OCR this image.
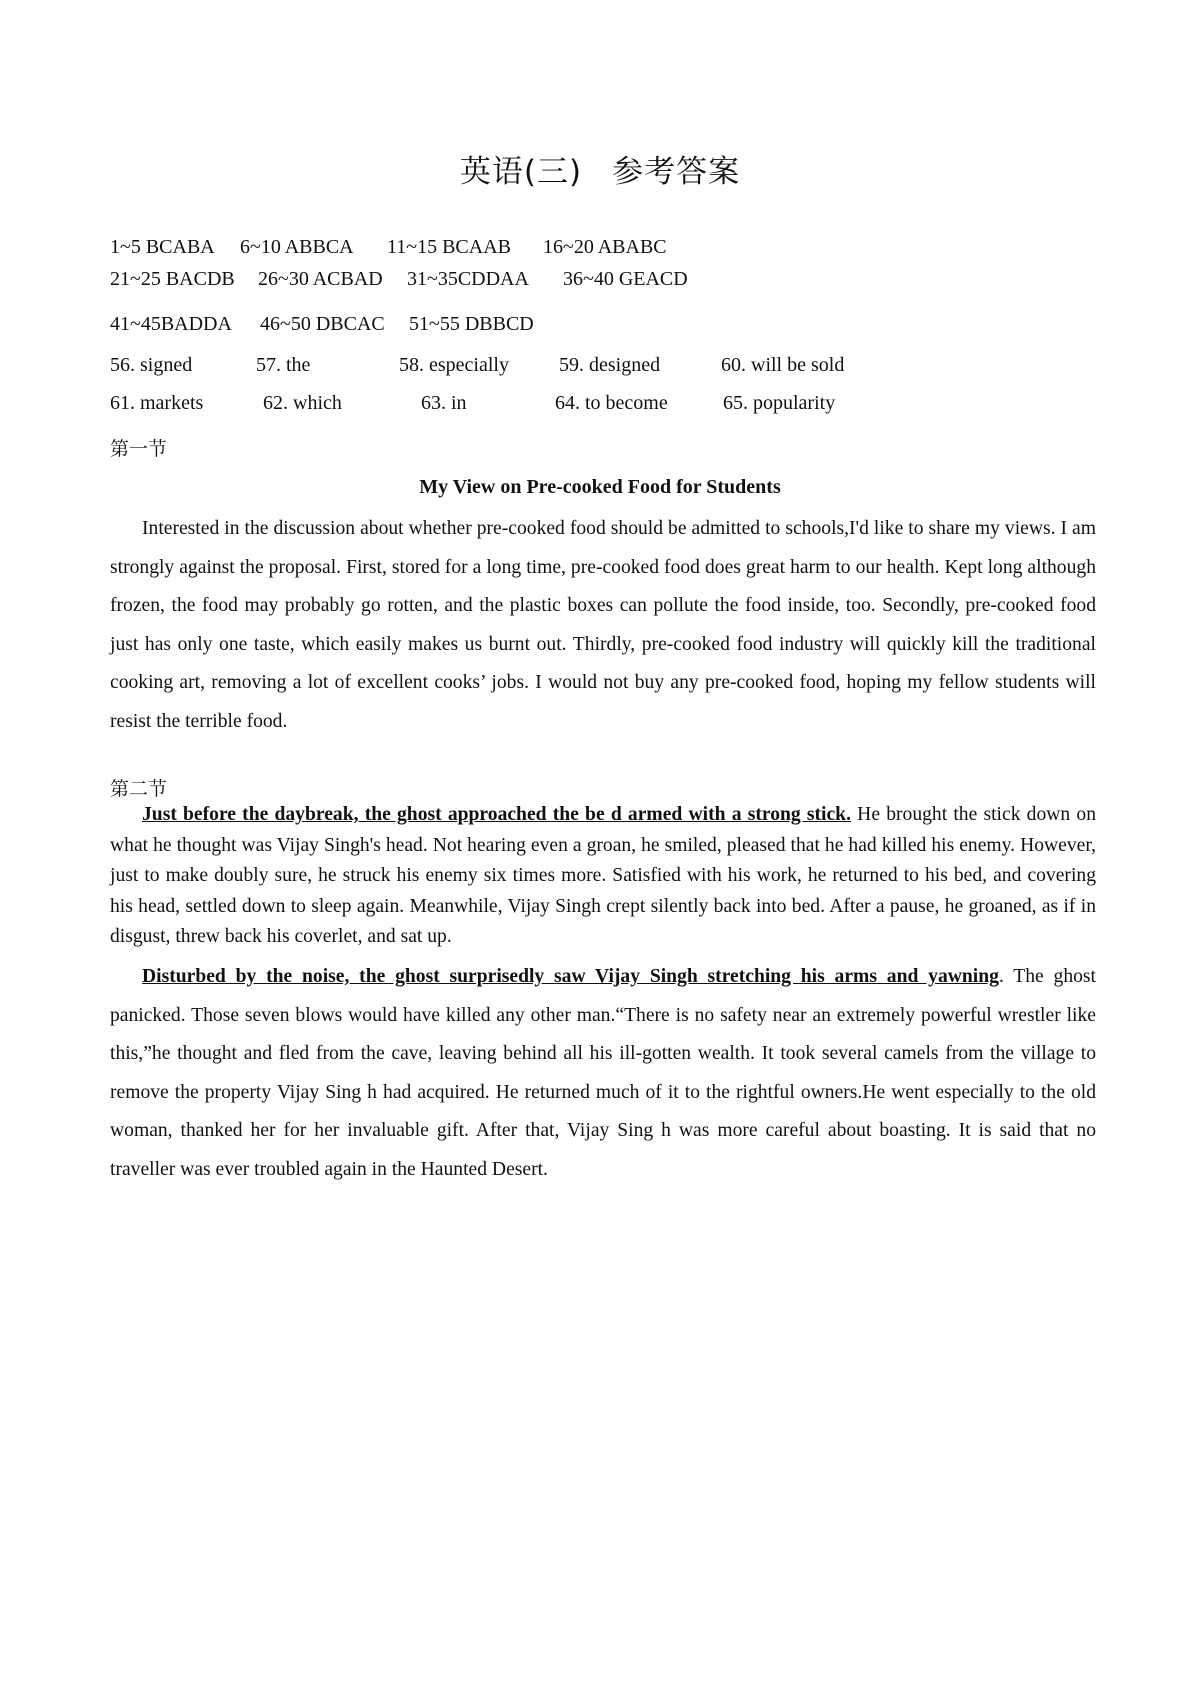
英语(三) 参考答案
1~5 BCABA 6~10 ABBCA 11~15 BCAAB 16~20 ABABC
21~25 BACDB 26~30 ACBAD 31~35CDDAA 36~40 GEACD
41~45BADDA 46~50 DBCAC 51~55 DBBCD
56. signed	57. the	58. especially	59. designed	60. will be sold
61. markets	62. which	63. in	64. to become	65. popularity
第一节
My View on Pre-cooked Food for Students
Interested in the discussion about whether pre-cooked food should be admitted to schools,I'd like to share my views. I am strongly against the proposal. First, stored for a long time, pre-cooked food does great harm to our health. Kept long although frozen, the food may probably go rotten, and the plastic boxes can pollute the food inside, too. Secondly, pre-cooked food just has only one taste, which easily makes us burnt out. Thirdly, pre-cooked food industry will quickly kill the traditional cooking art, removing a lot of excellent cooks’ jobs. I would not buy any pre-cooked food, hoping my fellow students will resist the terrible food.
第二节
Just before the daybreak, the ghost approached the be d armed with a strong stick. He brought the stick down on what he thought was Vijay Singh's head. Not hearing even a groan, he smiled, pleased that he had killed his enemy. However, just to make doubly sure, he struck his enemy six times more. Satisfied with his work, he returned to his bed, and covering his head, settled down to sleep again. Meanwhile, Vijay Singh crept silently back into bed. After a pause, he groaned, as if in disgust, threw back his coverlet, and sat up.
Disturbed by the noise, the ghost surprisedly saw Vijay Singh stretching his arms and yawning. The ghost panicked. Those seven blows would have killed any other man.“There is no safety near an extremely powerful wrestler like this,”he thought and fled from the cave, leaving behind all his ill-gotten wealth. It took several camels from the village to remove the property Vijay Sing h had acquired. He returned much of it to the rightful owners.He went especially to the old woman, thanked her for her invaluable gift. After that, Vijay Sing h was more careful about boasting. It is said that no traveller was ever troubled again in the Haunted Desert.
